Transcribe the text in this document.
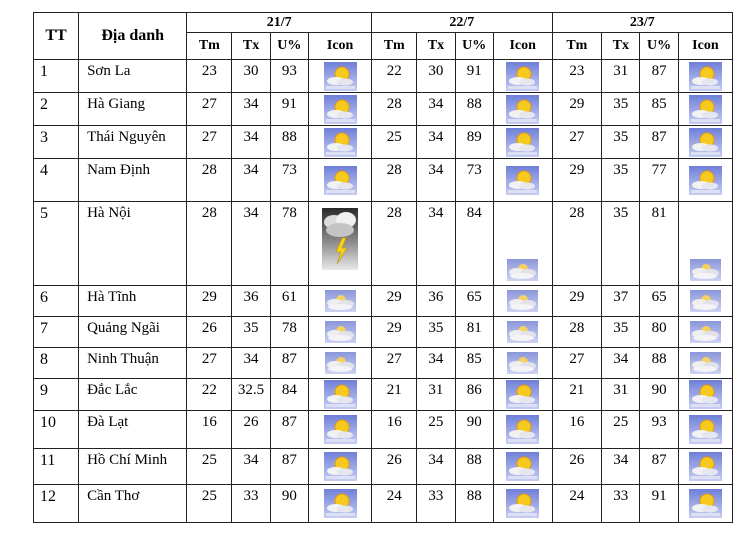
TT	Địa danh	21/7				22/7				23/7			
		Tm	Tx	U%	Icon	Tm	Tx	U%	Icon	Tm	Tx	U%	Icon
1	Sơn La	23	30	93		22	30	91		23	31	87	
2	Hà Giang	27	34	91		28	34	88		29	35	85	
3	Thái Nguyên	27	34	88		25	34	89		27	35	87	
4	Nam Định	28	34	73		28	34	73		29	35	77	
5	Hà Nội	28	34	78		28	34	84		28	35	81	
6	Hà Tĩnh	29	36	61		29	36	65		29	37	65	
7	Quảng Ngãi	26	35	78		29	35	81		28	35	80	
8	Ninh Thuận	27	34	87		27	34	85		27	34	88	
9	Đắc Lắc	22	32.5	84		21	31	86		21	31	90	
10	Đà Lạt	16	26	87		16	25	90		16	25	93	
11	Hồ Chí Minh	25	34	87		26	34	88		26	34	87	
12	Cần Thơ	25	33	90		24	33	88		24	33	91	
